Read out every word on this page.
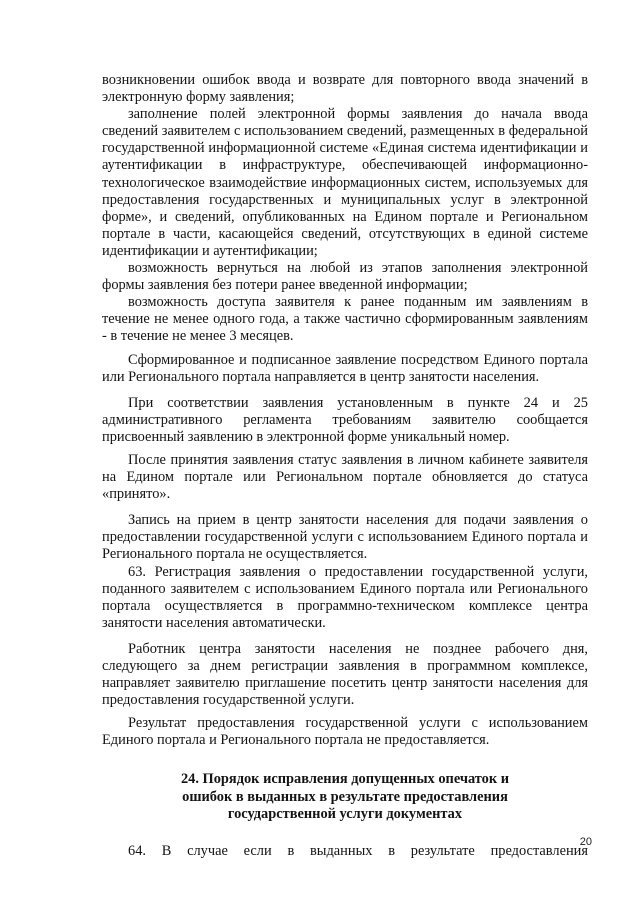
возникновении ошибок ввода и возврате для повторного ввода значений в электронную форму заявления;

заполнение полей электронной формы заявления до начала ввода сведений заявителем с использованием сведений, размещенных в федеральной государственной информационной системе «Единая система идентификации и аутентификации в инфраструктуре, обеспечивающей информационно-технологическое взаимодействие информационных систем, используемых для предоставления государственных и муниципальных услуг в электронной форме», и сведений, опубликованных на Едином портале и Региональном портале в части, касающейся сведений, отсутствующих в единой системе идентификации и аутентификации;

возможность вернуться на любой из этапов заполнения электронной формы заявления без потери ранее введенной информации;

возможность доступа заявителя к ранее поданным им заявлениям в течение не менее одного года, а также частично сформированным заявлениям - в течение не менее 3 месяцев.

Сформированное и подписанное заявление посредством Единого портала или Регионального портала направляется в центр занятости населения.

При соответствии заявления установленным в пункте 24 и 25 административного регламента требованиям заявителю сообщается присвоенный заявлению в электронной форме уникальный номер.

После принятия заявления статус заявления в личном кабинете заявителя на Едином портале или Региональном портале обновляется до статуса «принято».

Запись на прием в центр занятости населения для подачи заявления о предоставлении государственной услуги с использованием Единого портала и Регионального портала не осуществляется.

63. Регистрация заявления о предоставлении государственной услуги, поданного заявителем с использованием Единого портала или Регионального портала осуществляется в программно-техническом комплексе центра занятости населения автоматически.

Работник центра занятости населения не позднее рабочего дня, следующего за днем регистрации заявления в программном комплексе, направляет заявителю приглашение посетить центр занятости населения для предоставления государственной услуги.

Результат предоставления государственной услуги с использованием Единого портала и Регионального портала не предоставляется.

24. Порядок исправления допущенных опечаток и
ошибок в выданных в результате предоставления
государственной услуги документах

64. В случае если в выданных в результате предоставления

20
